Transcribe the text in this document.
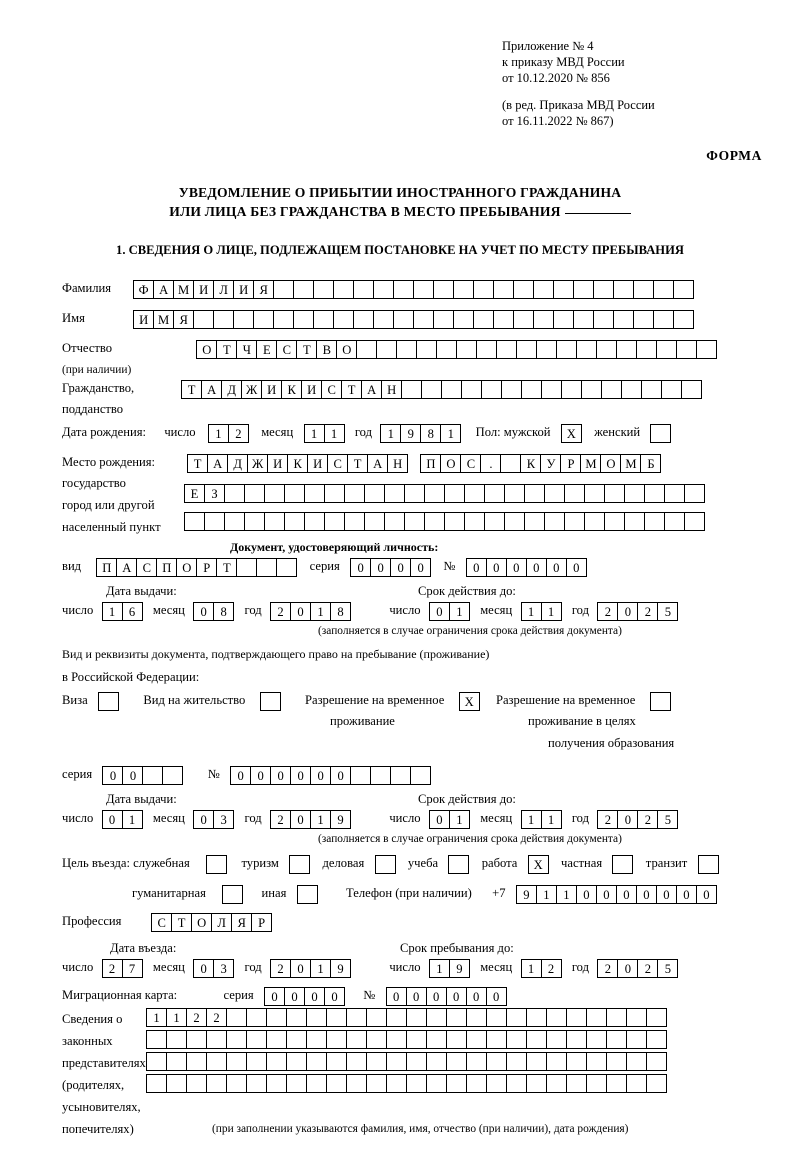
Приложение № 4
к приказу МВД России
от 10.12.2020 № 856
(в ред. Приказа МВД России
от 16.11.2022 № 867)
ФОРМА
УВЕДОМЛЕНИЕ О ПРИБЫТИИ ИНОСТРАННОГО ГРАЖДАНИНА
ИЛИ ЛИЦА БЕЗ ГРАЖДАНСТВА В МЕСТО ПРЕБЫВАНИЯ
1. СВЕДЕНИЯ О ЛИЦЕ, ПОДЛЕЖАЩЕМ ПОСТАНОВКЕ НА УЧЕТ ПО МЕСТУ ПРЕБЫВАНИЯ
Фамилия Ф А М И Л И Я
Имя	И М Я
Отчество	О Т Ч Е С Т В О
(при наличии)
Гражданство,	Т А Д Ж И К И С Т А Н
подданство
Дата рождения: число 1 2 месяц 1 1 год 1 9 8 1 Пол: мужской X женский
Место рождения:	Т А Д Ж И К И С Т А Н П О С .	К У Р М О М Б
государство
Е З
город или другой
населенный пункт
Документ, удостоверяющий личность:
вид П А С П О Р Т	серия 0 0 0 0 № 0 0 0 0 0 0
Дата выдачи:	Срок действия до:
число 1 6 месяц 0 8 год 2 0 1 8	число 0 1 месяц 1 1 год 2 0 2 5
(заполняется в случае ограничения срока действия документа)
Вид и реквизиты документа, подтверждающего право на пребывание (проживание)
в Российской Федерации:
Виза	Вид на жительство	Разрешение на временное X Разрешение на временное
проживание	проживание в целях
получения образования
серия 0 0	№ 0 0 0 0 0 0
Дата выдачи:	Срок действия до:
число 0 1 месяц 0 3 год 2 0 1 9	число 0 1 месяц 1 1 год 2 0 2 5
(заполняется в случае ограничения срока действия документа)
Цель въезда: служебная	туризм	деловая	учеба	работа X частная	транзит
гуманитарная	иная	Телефон (при наличии) +7 9 1 1 0 0 0 0 0 0 0
Профессия	С Т О Л Я Р
Дата въезда:	Срок пребывания до:
число 2 7 месяц 0 3 год 2 0 1 9	число 1 9 месяц 1 2 год 2 0 2 5
Миграционная карта:	серия 0 0 0 0 № 0 0 0 0 0 0
Сведения о	1 1 2 2
законных
представителях
(родителях,
усыновителях,
попечителях)	(при заполнении указываются фамилия, имя, отчество (при наличии), дата рождения)
